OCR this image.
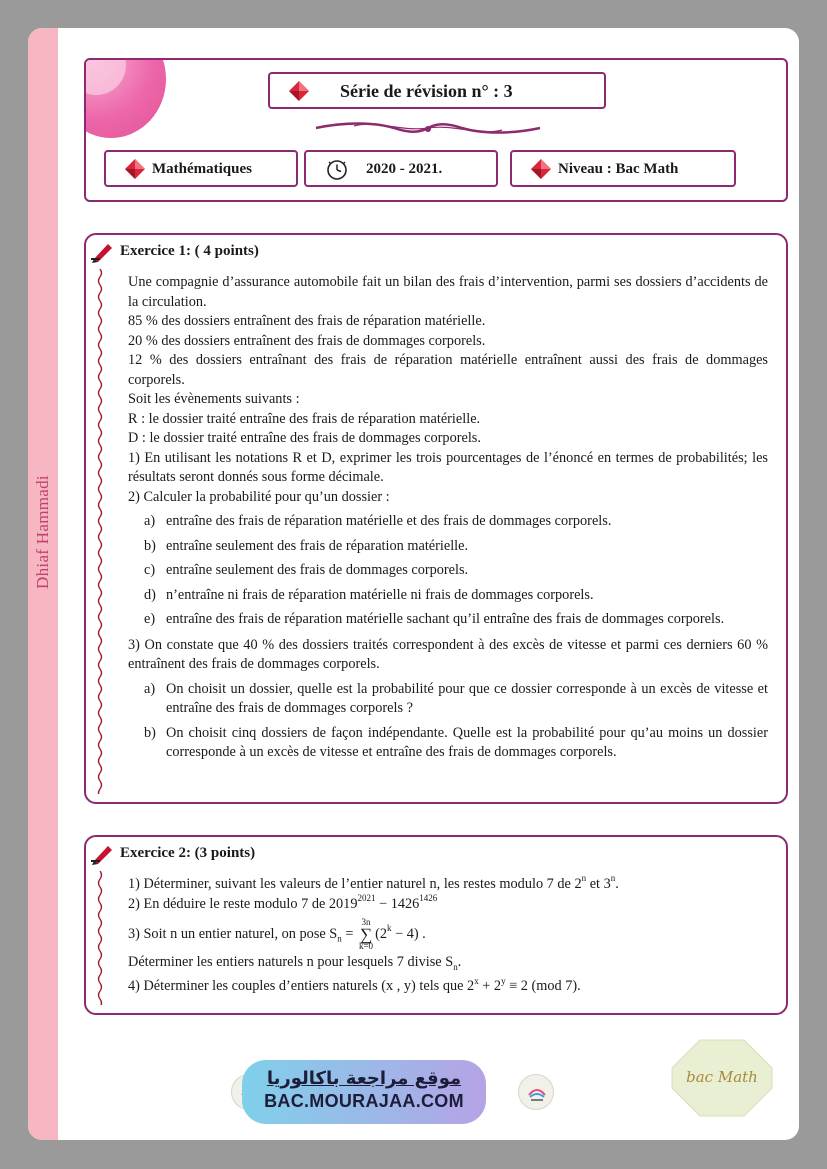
Dhiaf Hammadi
Série de révision n° : 3
Mathématiques	2020 - 2021.	Niveau : Bac Math
Exercice 1: ( 4 points)

Une compagnie d’assurance automobile fait un bilan des frais d’intervention, parmi ses dossiers d’accidents de la circulation.

85 % des dossiers entraînent des frais de réparation matérielle.

20 % des dossiers entraînent des frais de dommages corporels.

12 % des dossiers entraînant des frais de réparation matérielle entraînent aussi des frais de dommages corporels.

Soit les évènements suivants :

R : le dossier traité entraîne des frais de réparation matérielle.

D : le dossier traité entraîne des frais de dommages corporels.

1) En utilisant les notations R et D, exprimer les trois pourcentages de l’énoncé en termes de probabilités; les résultats seront donnés sous forme décimale.

2) Calculer la probabilité pour qu’un dossier :

a) entraîne des frais de réparation matérielle et des frais de dommages corporels.
b) entraîne seulement des frais de réparation matérielle.
c) entraîne seulement des frais de dommages corporels.
d) n’entraîne ni frais de réparation matérielle ni frais de dommages corporels.
e) entraîne des frais de réparation matérielle sachant qu’il entraîne des frais de dommages corporels.

3) On constate que 40 % des dossiers traités correspondent à des excès de vitesse et parmi ces derniers 60 % entraînent des frais de dommages corporels.

a) On choisit un dossier, quelle est la probabilité pour que ce dossier corresponde à un excès de vitesse et entraîne des frais de dommages corporels ?
b) On choisit cinq dossiers de façon indépendante. Quelle est la probabilité pour qu’au moins un dossier corresponde à un excès de vitesse et entraîne des frais de dommages corporels.
Exercice 2: (3 points)

1) Déterminer, suivant les valeurs de l’entier naturel n, les restes modulo 7 de 2$^n$ et 3$^n$.

2) En déduire le reste modulo 7 de $2019^{2021} - 1426^{1426}$

3) Soit n un entier naturel, on pose $S_n$ =
3n
∑
k=0
$(2^k - 4)$ .

Déterminer les entiers naturels n pour lesquels 7 divise $S_n$.

4) Déterminer les couples d’entiers naturels (x , y) tels que $2^x + 2^y \equiv 2$ (mod 7).

موقع مراجعة باكالوريا
BAC.MOURAJAA.COM
bac Math
